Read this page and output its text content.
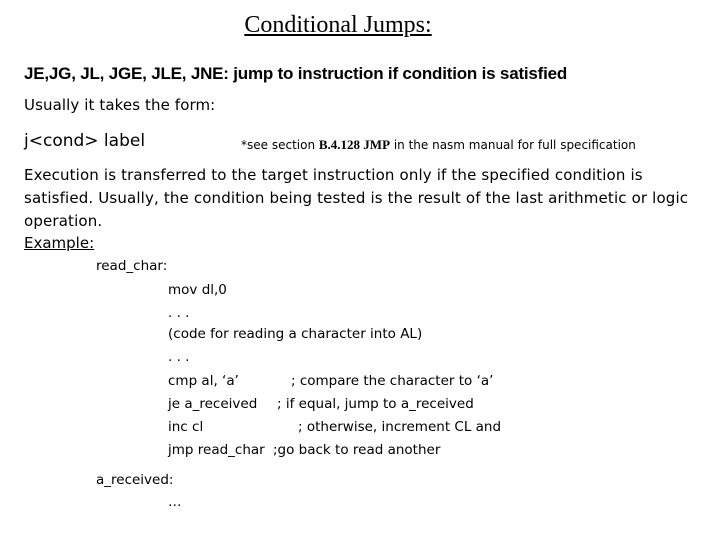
Conditional Jumps:
JE,JG, JL, JGE, JLE, JNE: jump to instruction if condition is satisfied
Usually it takes the form:
j<cond> label	*see section B.4.128 JMP in the nasm manual for full specification
Execution is transferred to the target instruction only if the specified condition is satisfied. Usually, the condition being tested is the result of the last arithmetic or logic operation.
Example:
read_char:
mov dl,0
. . .
(code for reading a character into AL)
. . .
cmp al, ‘a’	; compare the character to ‘a’
je a_received ; if equal, jump to a_received
inc cl	; otherwise, increment CL and
jmp read_char ;go back to read another
a_received:
…
